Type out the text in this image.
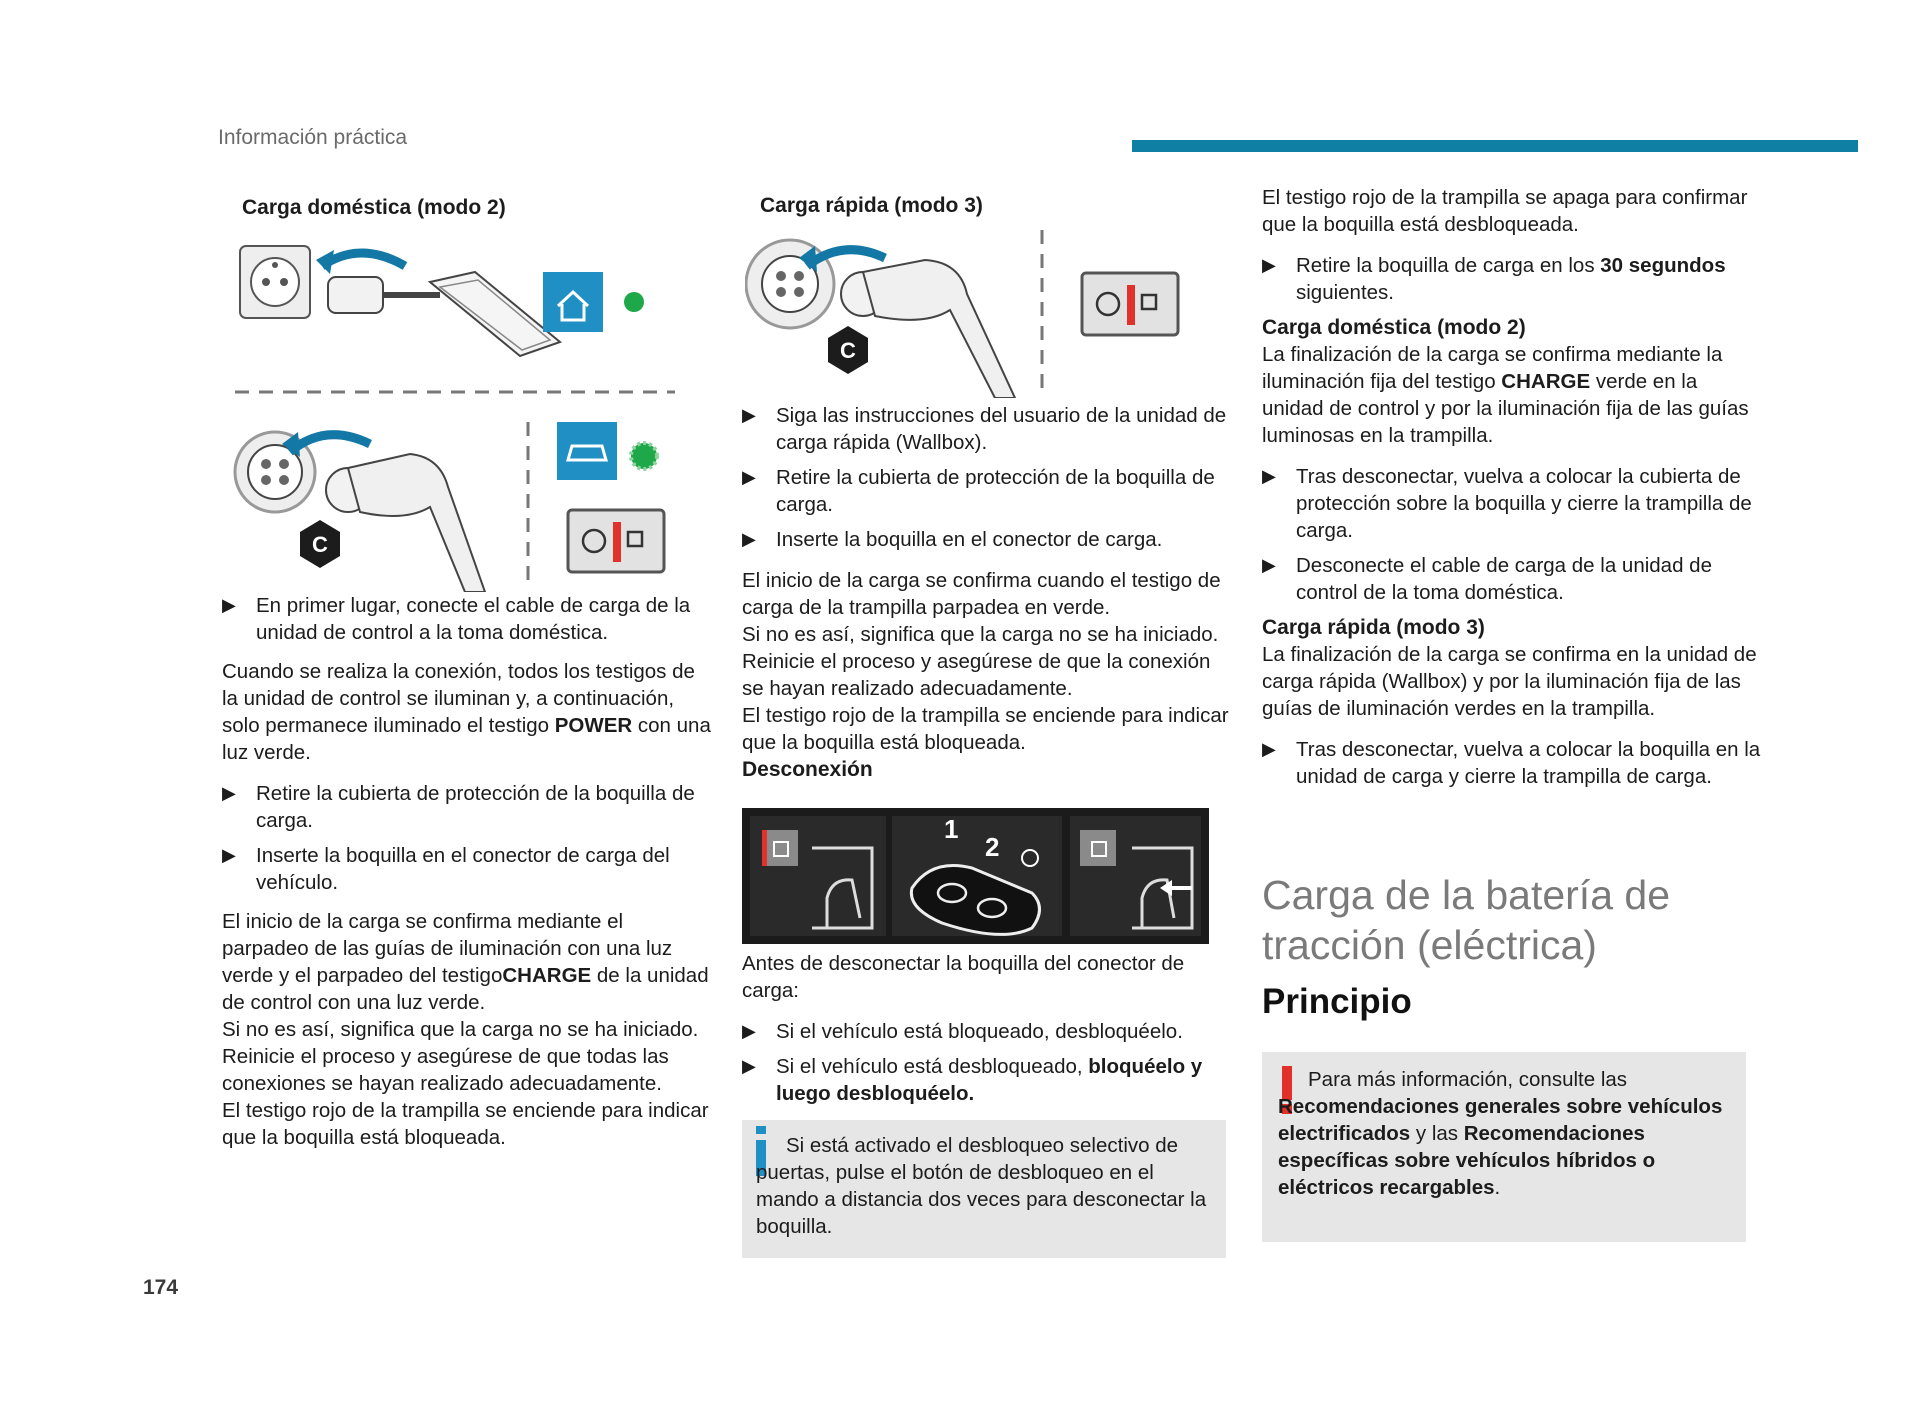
Información práctica

Carga doméstica (modo 2)

C
▶ En primer lugar, conecte el cable de carga de la unidad de control a la toma doméstica.

Cuando se realiza la conexión, todos los testigos de la unidad de control se iluminan y, a continuación, solo permanece iluminado el testigo POWER con una luz verde.

▶ Retire la cubierta de protección de la boquilla de carga.
▶ Inserte la boquilla en el conector de carga del vehículo.

El inicio de la carga se confirma mediante el parpadeo de las guías de iluminación con una luz verde y el parpadeo del testigoCHARGE de la unidad de control con una luz verde.

Si no es así, significa que la carga no se ha iniciado. Reinicie el proceso y asegúrese de que todas las conexiones se hayan realizado adecuadamente.

El testigo rojo de la trampilla se enciende para indicar que la boquilla está bloqueada.

Carga rápida (modo 3)

C
▶ Siga las instrucciones del usuario de la unidad de carga rápida (Wallbox).
▶ Retire la cubierta de protección de la boquilla de carga.
▶ Inserte la boquilla en el conector de carga.

El inicio de la carga se confirma cuando el testigo de carga de la trampilla parpadea en verde.

Si no es así, significa que la carga no se ha iniciado. Reinicie el proceso y asegúrese de que la conexión se hayan realizado adecuadamente.

El testigo rojo de la trampilla se enciende para indicar que la boquilla está bloqueada.

Desconexión

1
2

Antes de desconectar la boquilla del conector de carga:

▶ Si el vehículo está bloqueado, desbloquéelo.
▶ Si el vehículo está desbloqueado, bloquéelo y luego desbloquéelo.

Si está activado el desbloqueo selectivo de puertas, pulse el botón de desbloqueo en el mando a distancia dos veces para desconectar la boquilla.

El testigo rojo de la trampilla se apaga para confirmar que la boquilla está desbloqueada.

▶ Retire la boquilla de carga en los 30 segundos siguientes.

Carga doméstica (modo 2)

La finalización de la carga se confirma mediante la iluminación fija del testigo CHARGE verde en la unidad de control y por la iluminación fija de las guías luminosas en la trampilla.

▶ Tras desconectar, vuelva a colocar la cubierta de protección sobre la boquilla y cierre la trampilla de carga.
▶ Desconecte el cable de carga de la unidad de control de la toma doméstica.

Carga rápida (modo 3)

La finalización de la carga se confirma en la unidad de carga rápida (Wallbox) y por la iluminación fija de las guías de iluminación verdes en la trampilla.

▶ Tras desconectar, vuelva a colocar la boquilla en la unidad de carga y cierre la trampilla de carga.
Carga de la batería de tracción (eléctrica)
Principio

Para más información, consulte las Recomendaciones generales sobre vehículos electrificados y las Recomendaciones específicas sobre vehículos híbridos o eléctricos recargables.

174
